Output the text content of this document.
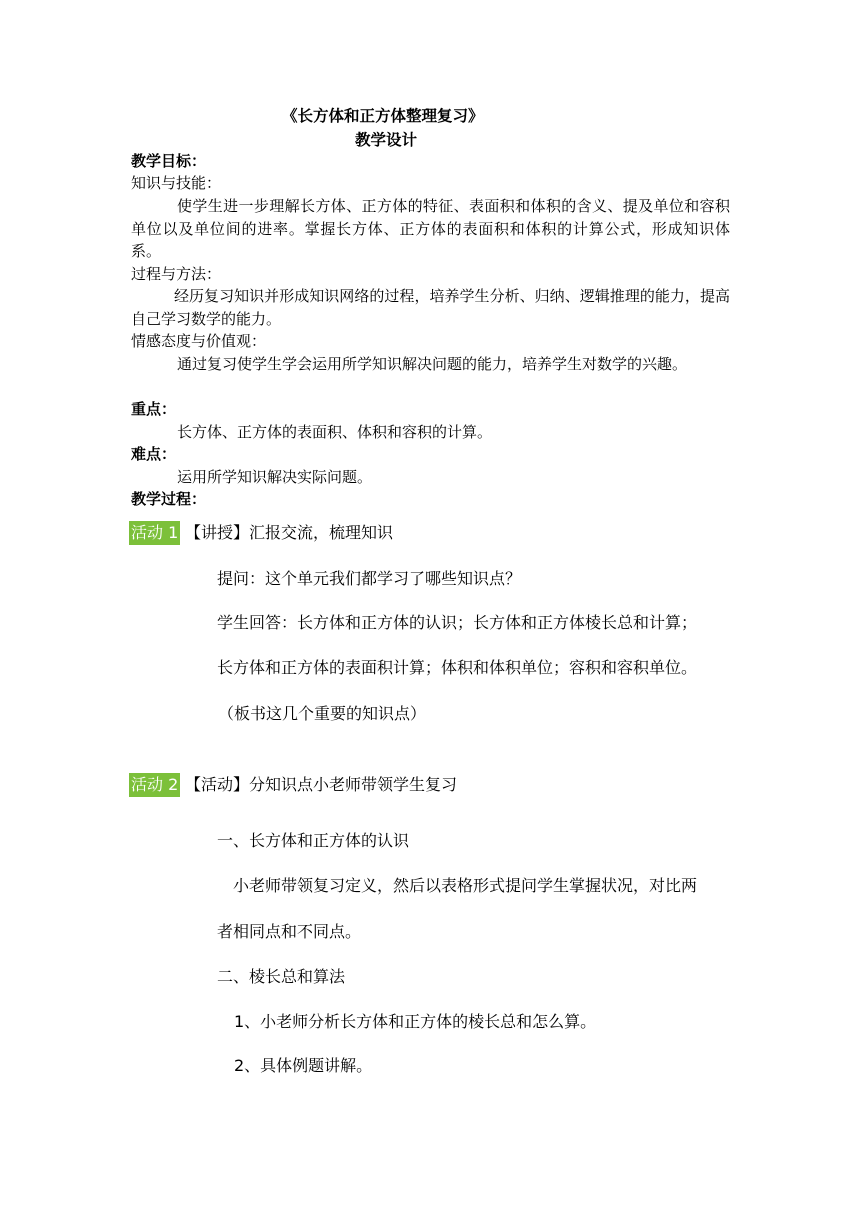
《长方体和正方体整理复习》
教学设计
教学目标：
知识与技能：
使学生进一步理解长方体、正方体的特征、表面积和体积的含义、提及单位和容积单位以及单位间的进率。掌握长方体、正方体的表面积和体积的计算公式，形成知识体系。
过程与方法：
经历复习知识并形成知识网络的过程，培养学生分析、归纳、逻辑推理的能力，提高自己学习数学的能力。
情感态度与价值观：
通过复习使学生学会运用所学知识解决问题的能力，培养学生对数学的兴趣。
重点：
长方体、正方体的表面积、体积和容积的计算。
难点：
运用所学知识解决实际问题。
教学过程：
活动 1 【讲授】汇报交流，梳理知识
提问：这个单元我们都学习了哪些知识点？
学生回答：长方体和正方体的认识；长方体和正方体棱长总和计算；
长方体和正方体的表面积计算；体积和体积单位；容积和容积单位。
（板书这几个重要的知识点）
活动 2 【活动】分知识点小老师带领学生复习
一、长方体和正方体的认识
小老师带领复习定义，然后以表格形式提问学生掌握状况，对比两
者相同点和不同点。
二、棱长总和算法
1、小老师分析长方体和正方体的棱长总和怎么算。
2、具体例题讲解。
